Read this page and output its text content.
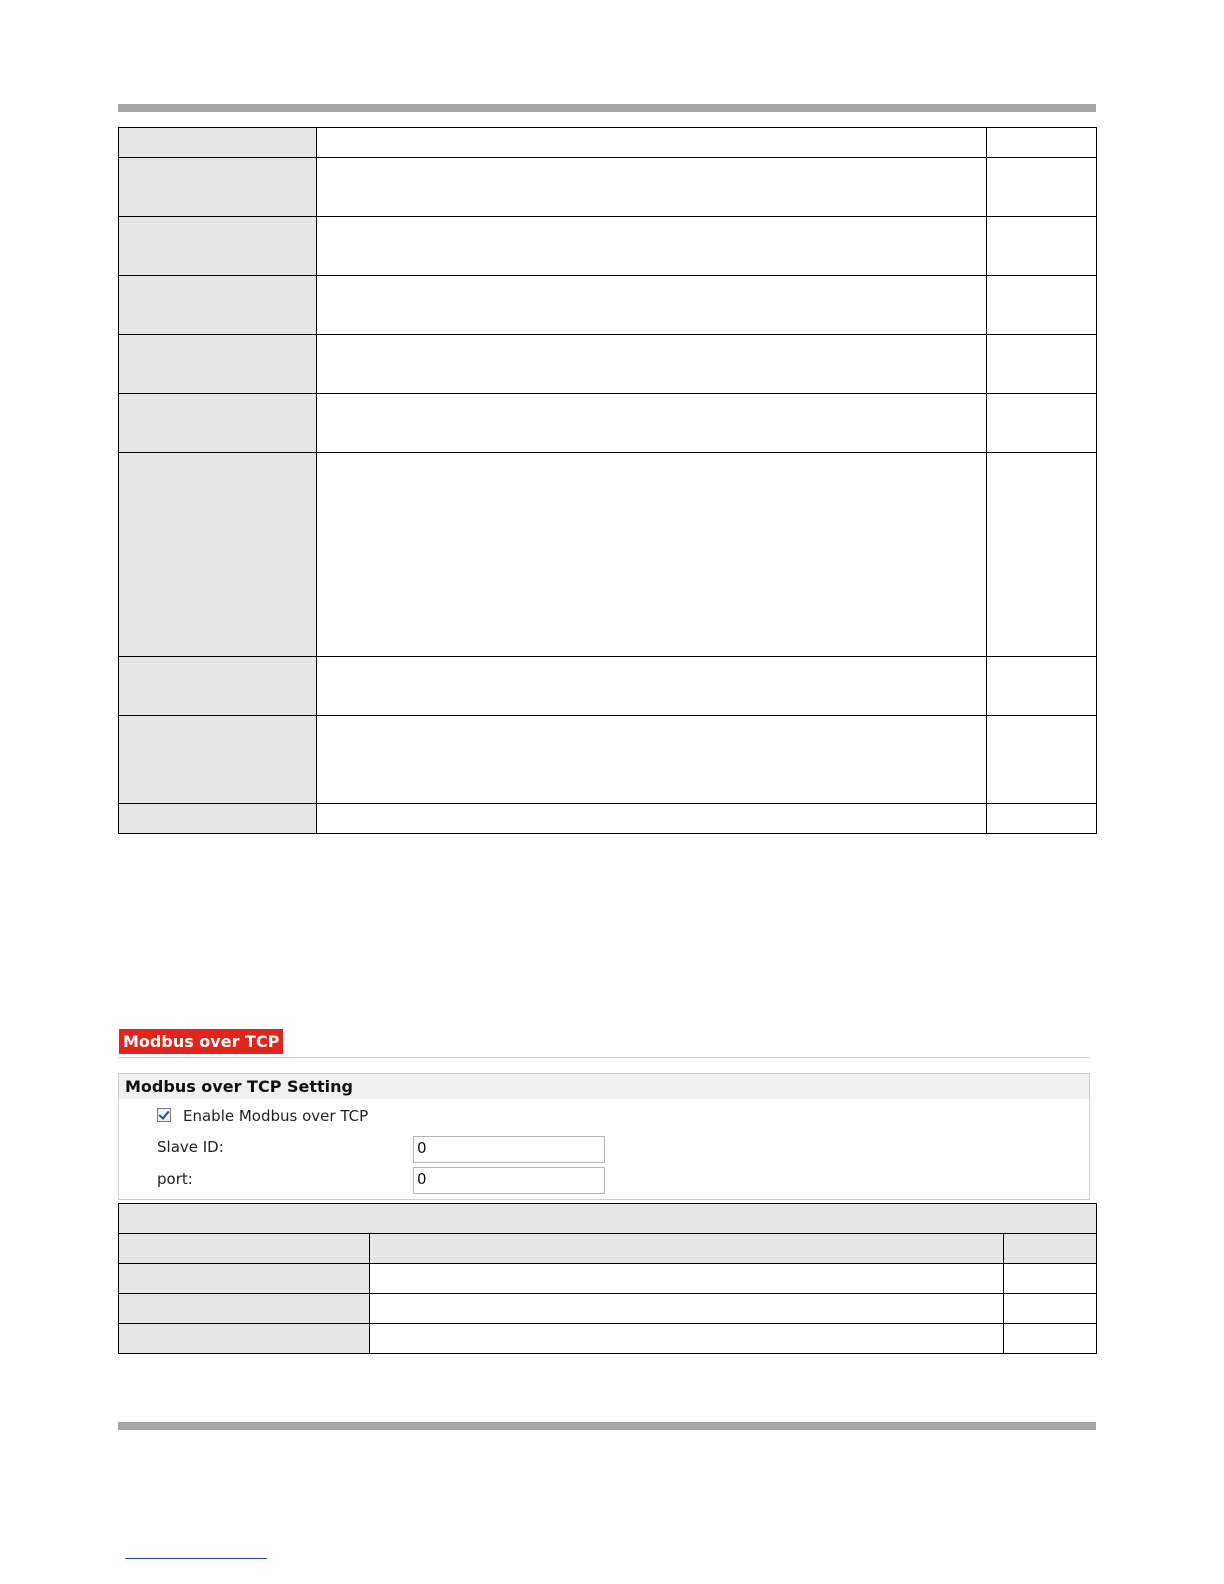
Modbus over TCP
Modbus over TCP Setting
Enable Modbus over TCP
Slave ID:	0
port:	0
